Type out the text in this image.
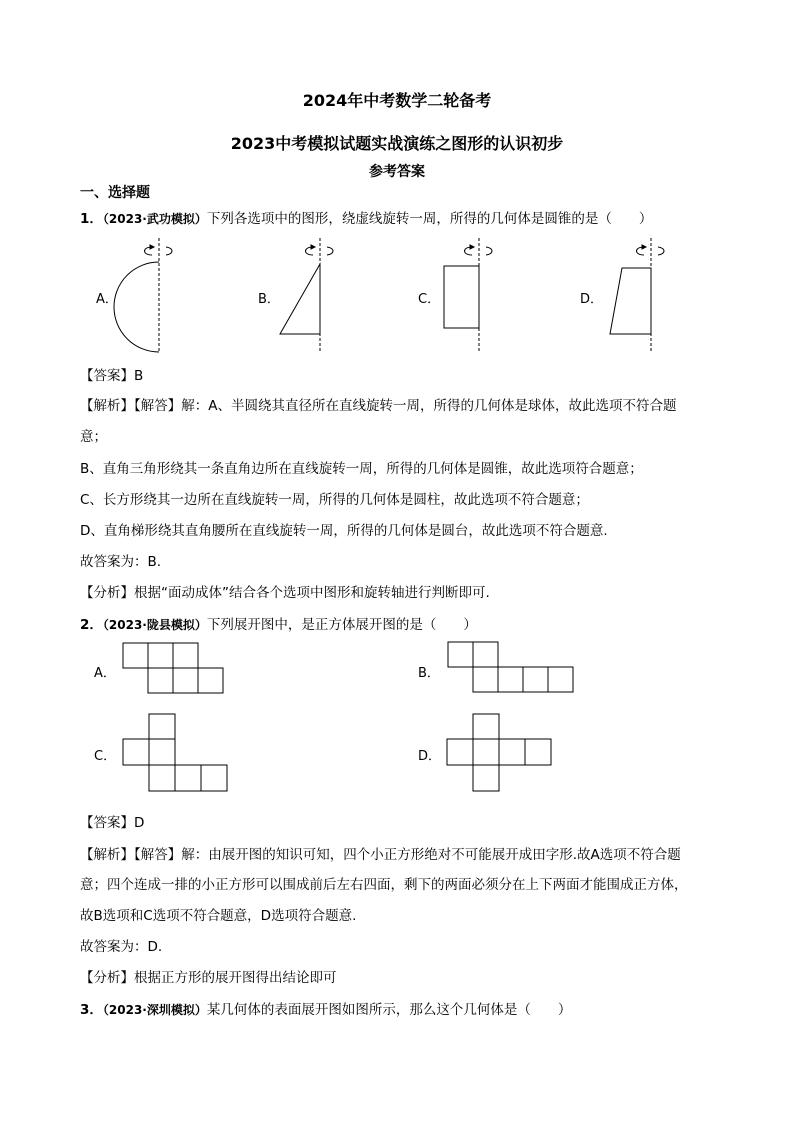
2024年中考数学二轮备考
2023中考模拟试题实战演练之图形的认识初步
参考答案
一、选择题
1．（2023·武功模拟）下列各选项中的图形，绕虚线旋转一周，所得的几何体是圆锥的是（　　）
A．	B．	C．	D．
【答案】B
【解析】【解答】解：A、半圆绕其直径所在直线旋转一周，所得的几何体是球体，故此选项不符合题
意；
B、直角三角形绕其一条直角边所在直线旋转一周，所得的几何体是圆锥，故此选项符合题意；
C、长方形绕其一边所在直线旋转一周，所得的几何体是圆柱，故此选项不符合题意；
D、直角梯形绕其直角腰所在直线旋转一周，所得的几何体是圆台，故此选项不符合题意.
故答案为：B.
【分析】根据“面动成体”结合各个选项中图形和旋转轴进行判断即可.
2．（2023·陇县模拟）下列展开图中，是正方体展开图的是（　　）
A．	B．
C．	D．
【答案】D
【解析】【解答】解：由展开图的知识可知，四个小正方形绝对不可能展开成田字形.故A选项不符合题
意；四个连成一排的小正方形可以围成前后左右四面，剩下的两面必须分在上下两面才能围成正方体，
故B选项和C选项不符合题意，D选项符合题意.
故答案为：D.
【分析】根据正方形的展开图得出结论即可
3．（2023·深圳模拟）某几何体的表面展开图如图所示，那么这个几何体是（　　）
